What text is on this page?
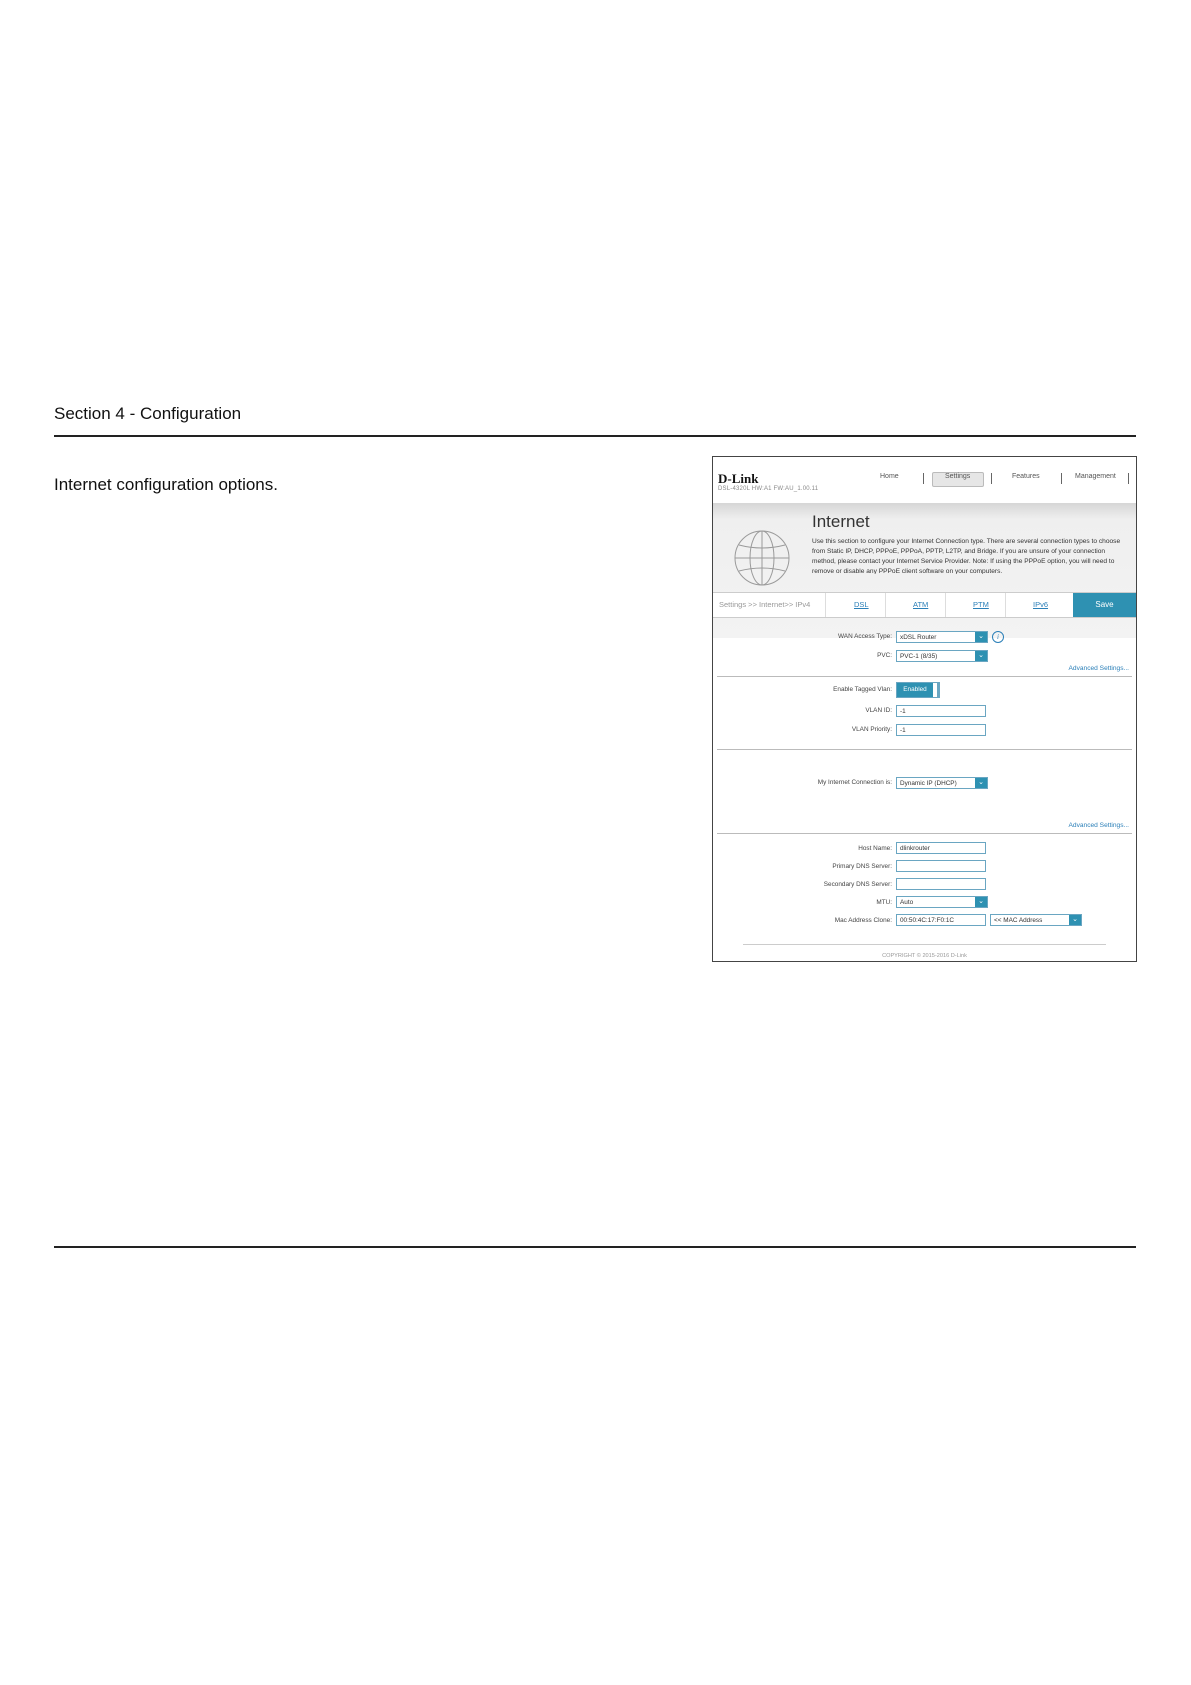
Section 4 - Configuration
Internet configuration options.	D-Link
DSL-4320L HW:A1 FW:AU_1.00.11
Home	Settings	Features	Management
Internet
Use this section to configure your Internet Connection type. There are several connection types to choose from Static IP, DHCP, PPPoE, PPPoA, PPTP, L2TP, and Bridge. If you are unsure of your connection method, please contact your Internet Service Provider. Note: If using the PPPoE option, you will need to remove or disable any PPPoE client software on your computers.
Settings >> Internet>> IPv4	DSL	ATM	PTM	IPv6	Save
WAN Access Type:	xDSL Router	⌄	i
PVC:	PVC-1 (8/35)	⌄
Advanced Settings...
Enable Tagged Vlan:	Enabled
VLAN ID:	-1
VLAN Priority:	-1
My Internet Connection is:	Dynamic IP (DHCP)	⌄
Advanced Settings...
Host Name:	dlinkrouter
Primary DNS Server:
Secondary DNS Server:
MTU:	Auto	⌄
Mac Address Clone:	00:50:4C:17:F0:1C	<< MAC Address	⌄
COPYRIGHT © 2015-2016 D-Link
